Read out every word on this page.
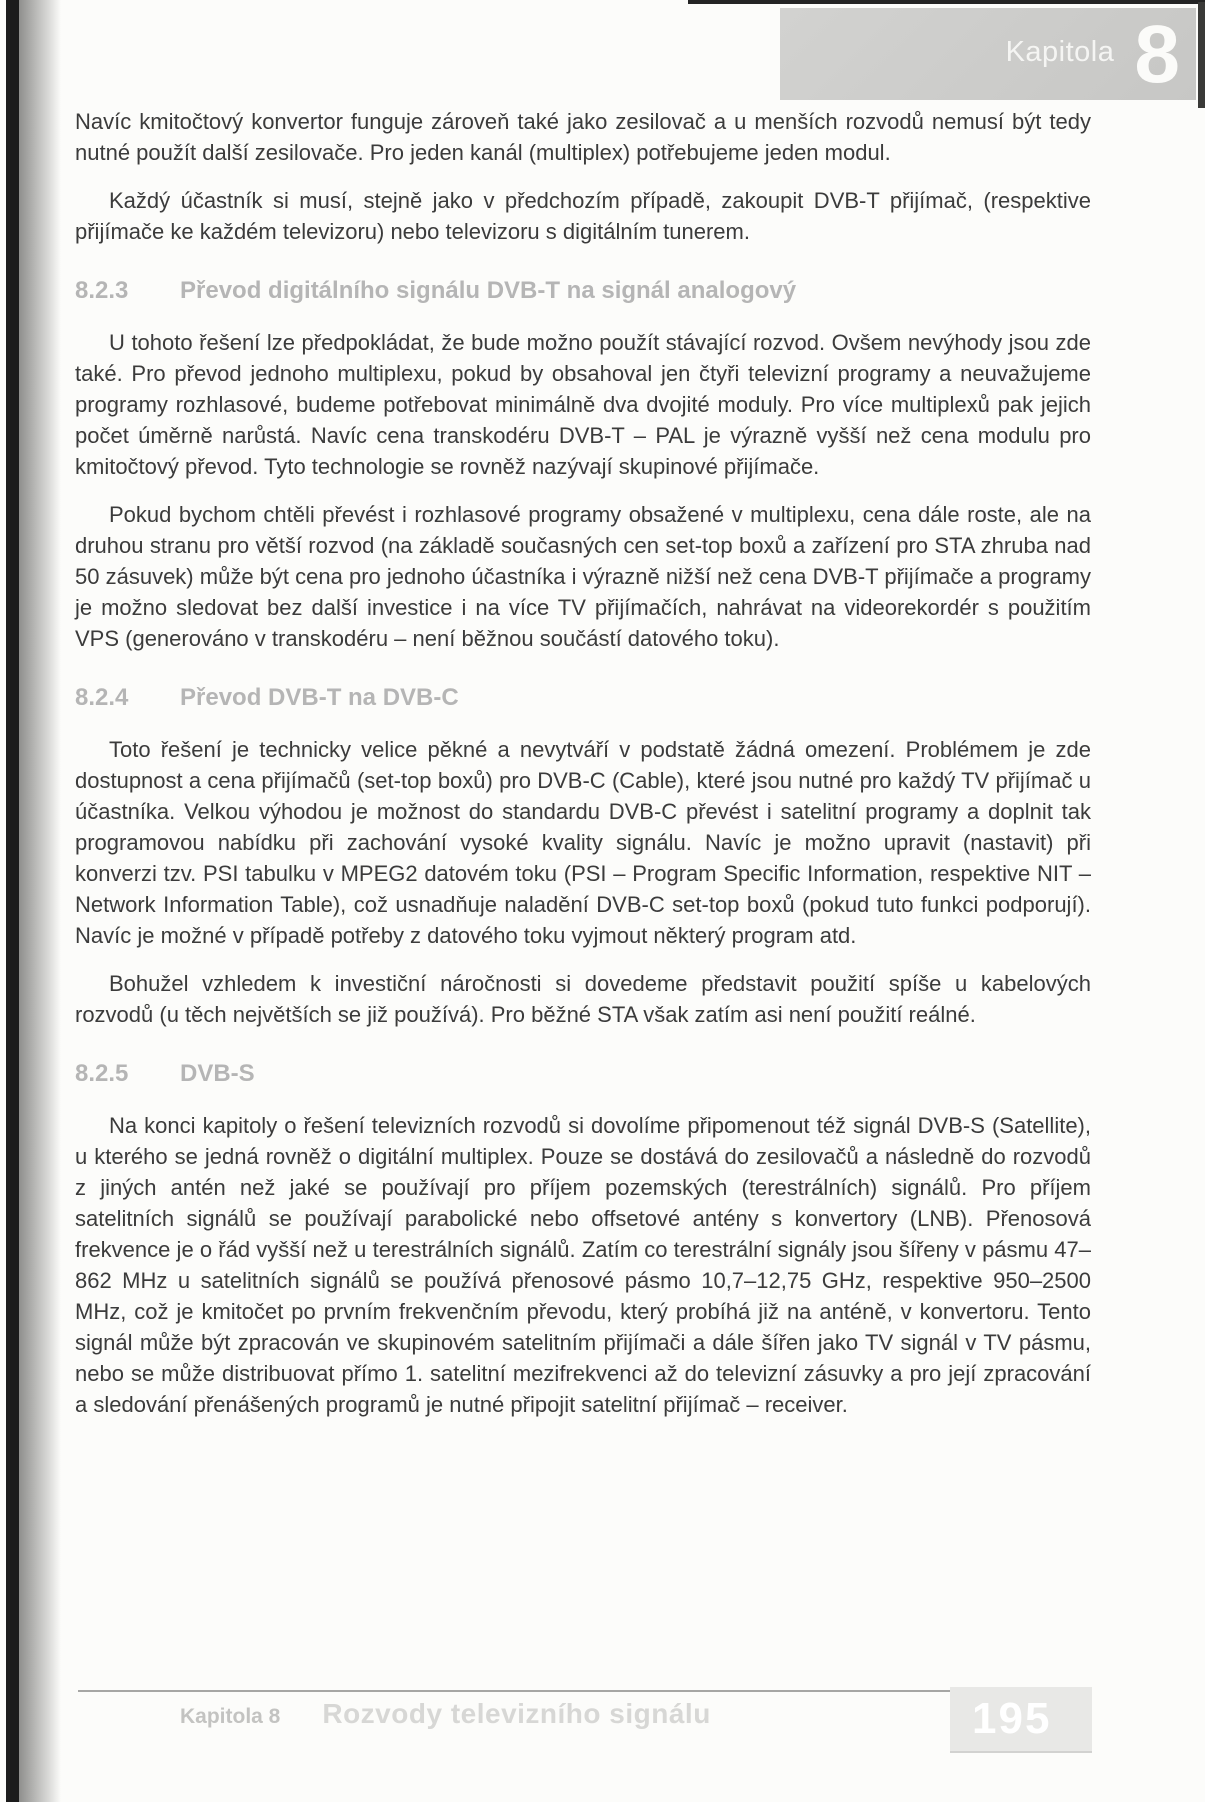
Kapitola 8

Navíc kmitočtový konvertor funguje zároveň také jako zesilovač a u menších rozvodů nemusí být tedy nutné použít další zesilovače. Pro jeden kanál (multiplex) potřebujeme jeden modul.

Každý účastník si musí, stejně jako v předchozím případě, zakoupit DVB-T přijímač, (respektive přijímače ke každém televizoru) nebo televizoru s digitálním tunerem.

8.2.3	Převod digitálního signálu DVB-T na signál analogový

U tohoto řešení lze předpokládat, že bude možno použít stávající rozvod. Ovšem nevýhody jsou zde také. Pro převod jednoho multiplexu, pokud by obsahoval jen čtyři televizní programy a neuvažujeme programy rozhlasové, budeme potřebovat minimálně dva dvojité moduly. Pro více multiplexů pak jejich počet úměrně narůstá. Navíc cena transkodéru DVB-T – PAL je výrazně vyšší než cena modulu pro kmitočtový převod. Tyto technologie se rovněž nazývají skupinové přijímače.

Pokud bychom chtěli převést i rozhlasové programy obsažené v multiplexu, cena dále roste, ale na druhou stranu pro větší rozvod (na základě současných cen set-top boxů a zařízení pro STA zhruba nad 50 zásuvek) může být cena pro jednoho účastníka i výrazně nižší než cena DVB-T přijímače a programy je možno sledovat bez další investice i na více TV přijímačích, nahrávat na videorekordér s použitím VPS (generováno v transkodéru – není běžnou součástí datového toku).

8.2.4	Převod DVB-T na DVB-C

Toto řešení je technicky velice pěkné a nevytváří v podstatě žádná omezení. Problémem je zde dostupnost a cena přijímačů (set-top boxů) pro DVB-C (Cable), které jsou nutné pro každý TV přijímač u účastníka. Velkou výhodou je možnost do standardu DVB-C převést i satelitní programy a doplnit tak programovou nabídku při zachování vysoké kvality signálu. Navíc je možno upravit (nastavit) při konverzi tzv. PSI tabulku v MPEG2 datovém toku (PSI – Program Specific Information, respektive NIT – Network Information Table), což usnadňuje naladění DVB-C set-top boxů (pokud tuto funkci podporují). Navíc je možné v případě potřeby z datového toku vyjmout některý program atd.

Bohužel vzhledem k investiční náročnosti si dovedeme představit použití spíše u kabelových rozvodů (u těch největších se již používá). Pro běžné STA však zatím asi není použití reálné.

8.2.5	DVB-S

Na konci kapitoly o řešení televizních rozvodů si dovolíme připomenout též signál DVB-S (Satellite), u kterého se jedná rovněž o digitální multiplex. Pouze se dostává do zesilovačů a následně do rozvodů z jiných antén než jaké se používají pro příjem pozemských (terestrálních) signálů. Pro příjem satelitních signálů se používají parabolické nebo offsetové antény s konvertory (LNB). Přenosová frekvence je o řád vyšší než u terestrálních signálů. Zatím co terestrální signály jsou šířeny v pásmu 47–862 MHz u satelitních signálů se používá přenosové pásmo 10,7–12,75 GHz, respektive 950–2500 MHz, což je kmitočet po prvním frekvenčním převodu, který probíhá již na anténě, v konvertoru. Tento signál může být zpracován ve skupinovém satelitním přijímači a dále šířen jako TV signál v TV pásmu, nebo se může distribuovat přímo 1. satelitní mezifrekvenci až do televizní zásuvky a pro její zpracování a sledování přenášených programů je nutné připojit satelitní přijímač – receiver.

Kapitola 8 Rozvody televizního signálu	195
